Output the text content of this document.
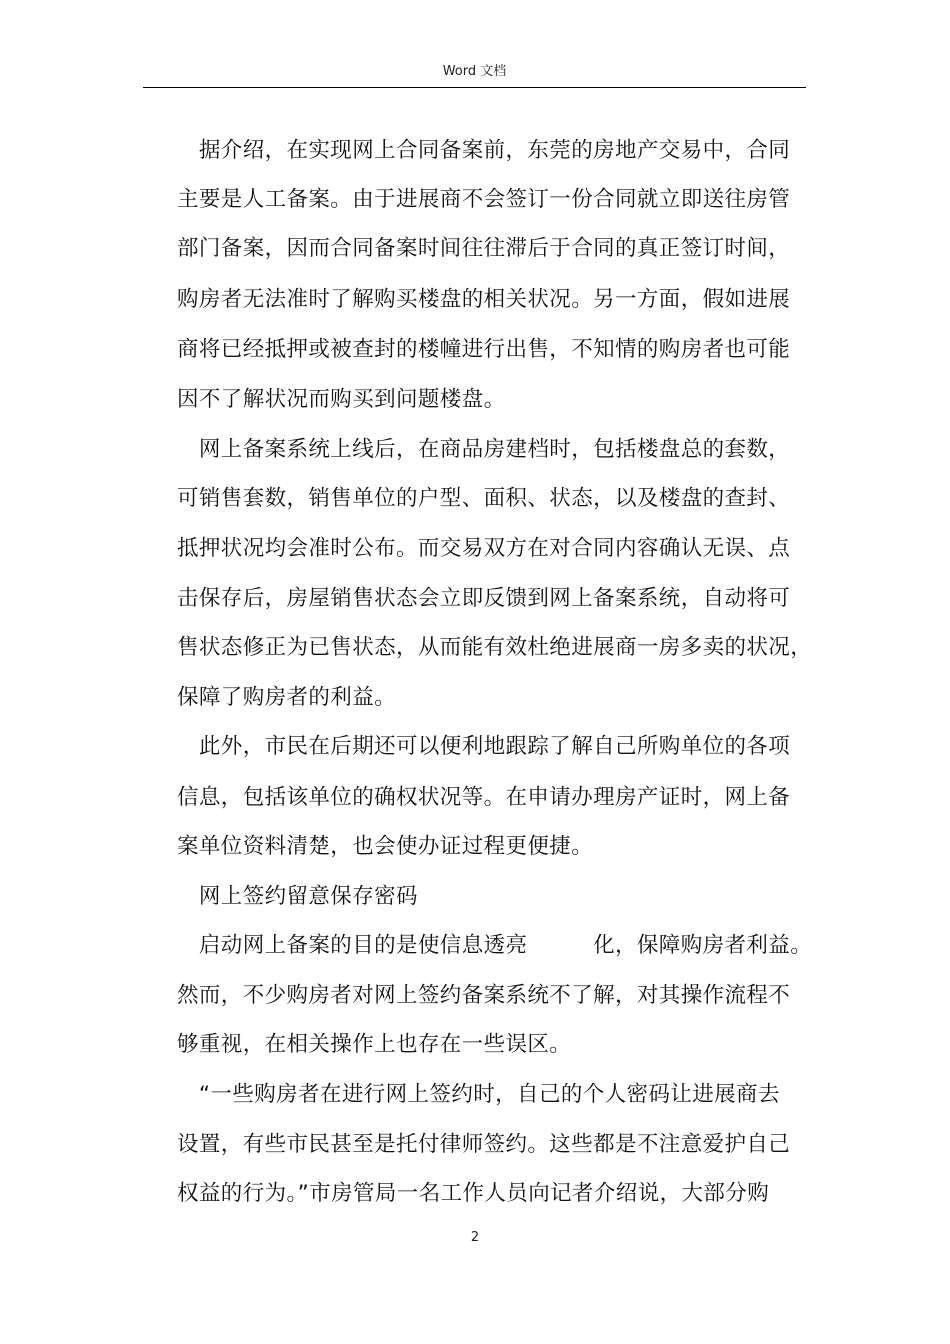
Word 文档
　据介绍，在实现网上合同备案前，东莞的房地产交易中，合同
主要是人工备案。由于进展商不会签订一份合同就立即送往房管
部门备案，因而合同备案时间往往滞后于合同的真正签订时间，
购房者无法准时了解购买楼盘的相关状况。另一方面，假如进展
商将已经抵押或被查封的楼幢进行出售，不知情的购房者也可能
因不了解状况而购买到问题楼盘。
　网上备案系统上线后，在商品房建档时，包括楼盘总的套数，
可销售套数，销售单位的户型、面积、状态，以及楼盘的查封、
抵押状况均会准时公布。而交易双方在对合同内容确认无误、点
击保存后，房屋销售状态会立即反馈到网上备案系统，自动将可
售状态修正为已售状态，从而能有效杜绝进展商一房多卖的状况，
保障了购房者的利益。
　此外，市民在后期还可以便利地跟踪了解自己所购单位的各项
信息，包括该单位的确权状况等。在申请办理房产证时，网上备
案单位资料清楚，也会使办证过程更便捷。
　网上签约留意保存密码
　启动网上备案的目的是使信息透亮　　　化，保障购房者利益。
然而，不少购房者对网上签约备案系统不了解，对其操作流程不
够重视，在相关操作上也存在一些误区。
　“一些购房者在进行网上签约时，自己的个人密码让进展商去
设置，有些市民甚至是托付律师签约。这些都是不注意爱护自己
权益的行为。”市房管局一名工作人员向记者介绍说，大部分购
2
